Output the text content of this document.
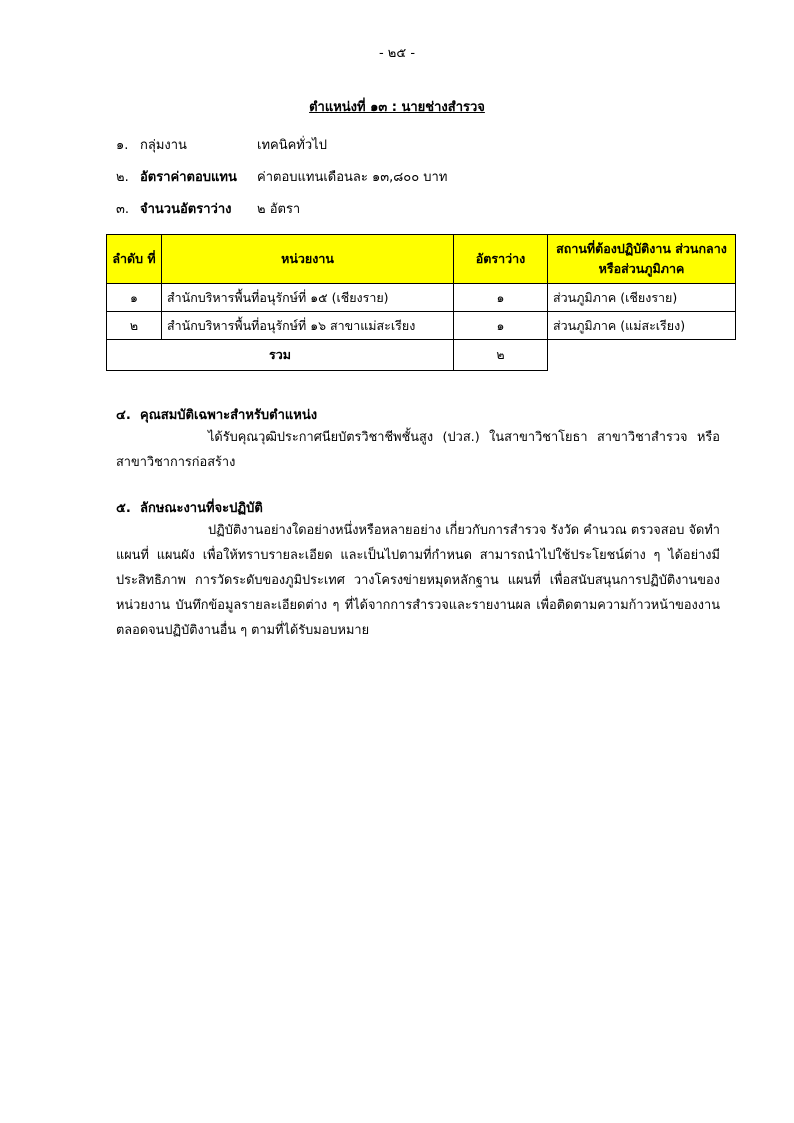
- ๒๕ -
ตำแหน่งที่ ๑๓ : นายช่างสำรวจ
๑. กลุ่มงาน	เทคนิคทั่วไป
๒. อัตราค่าตอบแทน ค่าตอบแทนเดือนละ ๑๓,๘๐๐ บาท
๓. จำนวนอัตราว่าง ๒ อัตรา
ลำดับ ที่	หน่วยงาน	อัตราว่าง	สถานที่ต้องปฏิบัติงาน ส่วนกลางหรือส่วนภูมิภาค
๑	สำนักบริหารพื้นที่อนุรักษ์ที่ ๑๕ (เชียงราย)	๑	ส่วนภูมิภาค (เชียงราย)
๒	สำนักบริหารพื้นที่อนุรักษ์ที่ ๑๖ สาขาแม่สะเรียง	๑	ส่วนภูมิภาค (แม่สะเรียง)
รวม		๒	
๔. คุณสมบัติเฉพาะสำหรับตำแหน่ง
ได้รับคุณวุฒิประกาศนียบัตรวิชาชีพชั้นสูง (ปวส.) ในสาขาวิชาโยธา สาขาวิชาสำรวจ หรือสาขาวิชาการก่อสร้าง
๕. ลักษณะงานที่จะปฏิบัติ
ปฏิบัติงานอย่างใดอย่างหนึ่งหรือหลายอย่าง เกี่ยวกับการสำรวจ รังวัด คำนวณ ตรวจสอบ จัดทำแผนที่ แผนผัง เพื่อให้ทราบรายละเอียด และเป็นไปตามที่กำหนด สามารถนำไปใช้ประโยชน์ต่าง ๆ ได้อย่างมีประสิทธิภาพ การวัดระดับของภูมิประเทศ วางโครงข่ายหมุดหลักฐาน แผนที่ เพื่อสนับสนุนการปฏิบัติงานของหน่วยงาน บันทึกข้อมูลรายละเอียดต่าง ๆ ที่ได้จากการสำรวจและรายงานผล เพื่อติดตามความก้าวหน้าของงาน ตลอดจนปฏิบัติงานอื่น ๆ ตามที่ได้รับมอบหมาย
